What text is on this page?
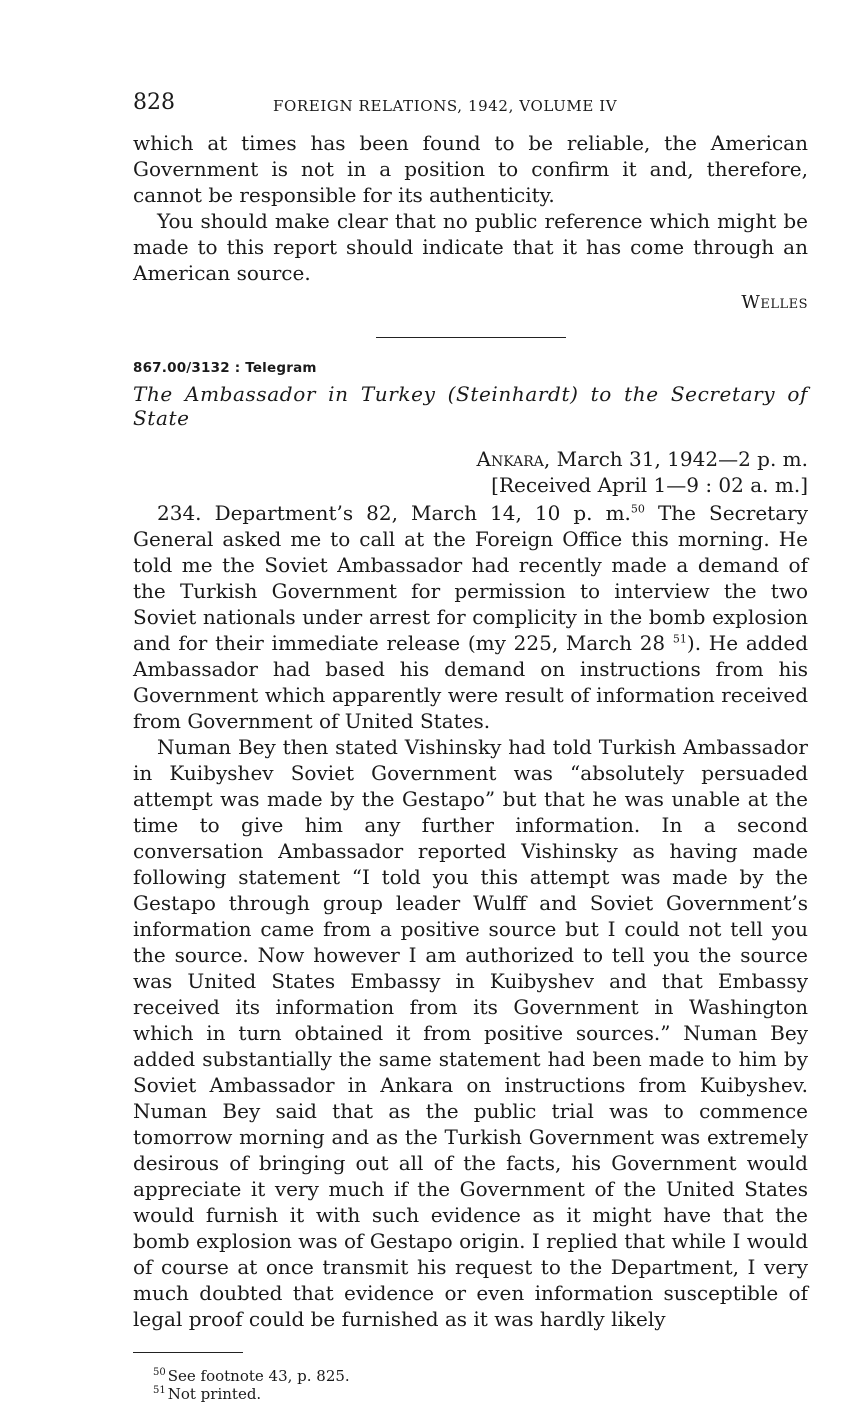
828	FOREIGN RELATIONS, 1942, VOLUME IV

which at times has been found to be reliable, the American Government is not in a position to confirm it and, therefore, cannot be responsible for its authenticity.

You should make clear that no public reference which might be made to this report should indicate that it has come through an American source.

Welles
867.00/3132 : Telegram
The Ambassador in Turkey (Steinhardt) to the Secretary of State
Ankara, March 31, 1942—2 p. m.
[Received April 1—9 : 02 a. m.]

234. Department’s 82, March 14, 10 p. m.$^{50}$ The Secretary General asked me to call at the Foreign Office this morning. He told me the Soviet Ambassador had recently made a demand of the Turkish Government for permission to interview the two Soviet nationals under arrest for complicity in the bomb explosion and for their immediate release (my 225, March 28 $^{51}$). He added Ambassador had based his demand on instructions from his Government which apparently were result of information received from Government of United States.

Numan Bey then stated Vishinsky had told Turkish Ambassador in Kuibyshev Soviet Government was “absolutely persuaded attempt was made by the Gestapo” but that he was unable at the time to give him any further information. In a second conversation Ambassador reported Vishinsky as having made following statement “I told you this attempt was made by the Gestapo through group leader Wulff and Soviet Government’s information came from a positive source but I could not tell you the source. Now however I am authorized to tell you the source was United States Embassy in Kuibyshev and that Embassy received its information from its Government in Washington which in turn obtained it from positive sources.” Numan Bey added substantially the same statement had been made to him by Soviet Ambassador in Ankara on instructions from Kuibyshev. Numan Bey said that as the public trial was to commence tomorrow morning and as the Turkish Government was extremely desirous of bringing out all of the facts, his Government would appreciate it very much if the Government of the United States would furnish it with such evidence as it might have that the bomb explosion was of Gestapo origin. I replied that while I would of course at once transmit his request to the Department, I very much doubted that evidence or even information susceptible of legal proof could be furnished as it was hardly likely

$^{50}$ See footnote 43, p. 825.
$^{51}$ Not printed.
